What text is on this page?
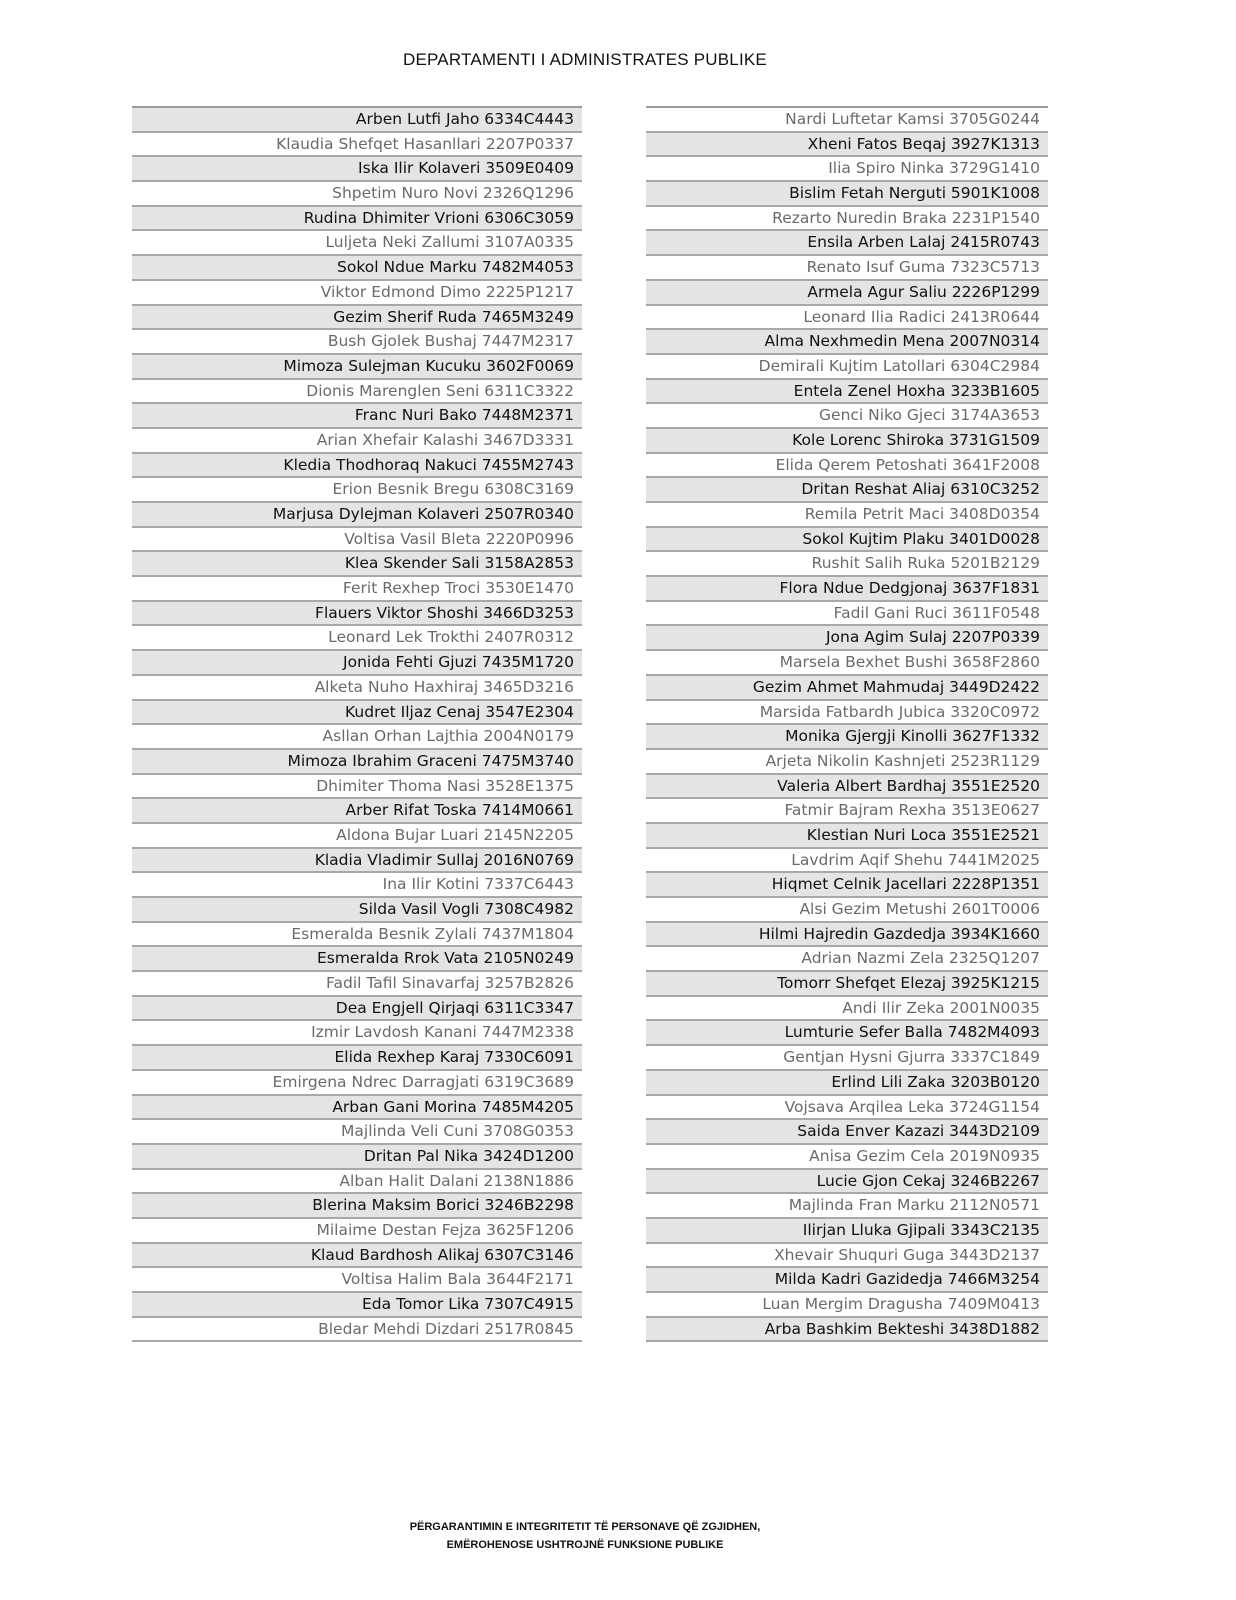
DEPARTAMENTI I ADMINISTRATES PUBLIKE
Arben Lutfi Jaho 6334C4443
Klaudia Shefqet Hasanllari 2207P0337
Iska Ilir Kolaveri 3509E0409
Shpetim Nuro Novi 2326Q1296
Rudina Dhimiter Vrioni 6306C3059
Luljeta Neki Zallumi 3107A0335
Sokol Ndue Marku 7482M4053
Viktor Edmond Dimo 2225P1217
Gezim Sherif Ruda 7465M3249
Bush Gjolek Bushaj 7447M2317
Mimoza Sulejman Kucuku 3602F0069
Dionis Marenglen Seni 6311C3322
Franc Nuri Bako 7448M2371
Arian Xhefair Kalashi 3467D3331
Kledia Thodhoraq Nakuci 7455M2743
Erion Besnik Bregu 6308C3169
Marjusa Dylejman Kolaveri 2507R0340
Voltisa Vasil Bleta 2220P0996
Klea Skender Sali 3158A2853
Ferit Rexhep Troci 3530E1470
Flauers Viktor Shoshi 3466D3253
Leonard Lek Trokthi 2407R0312
Jonida Fehti Gjuzi 7435M1720
Alketa Nuho Haxhiraj 3465D3216
Kudret Iljaz Cenaj 3547E2304
Asllan Orhan Lajthia 2004N0179
Mimoza Ibrahim Graceni 7475M3740
Dhimiter Thoma Nasi 3528E1375
Arber Rifat Toska 7414M0661
Aldona Bujar Luari 2145N2205
Kladia Vladimir Sullaj 2016N0769
Ina Ilir Kotini 7337C6443
Silda Vasil Vogli 7308C4982
Esmeralda Besnik Zylali 7437M1804
Esmeralda Rrok Vata 2105N0249
Fadil Tafil Sinavarfaj 3257B2826
Dea Engjell Qirjaqi 6311C3347
Izmir Lavdosh Kanani 7447M2338
Elida Rexhep Karaj 7330C6091
Emirgena Ndrec Darragjati 6319C3689
Arban Gani Morina 7485M4205
Majlinda Veli Cuni 3708G0353
Dritan Pal Nika 3424D1200
Alban Halit Dalani 2138N1886
Blerina Maksim Borici 3246B2298
Milaime Destan Fejza 3625F1206
Klaud Bardhosh Alikaj 6307C3146
Voltisa Halim Bala 3644F2171
Eda Tomor Lika 7307C4915
Bledar Mehdi Dizdari 2517R0845
Nardi Luftetar Kamsi 3705G0244
Xheni Fatos Beqaj 3927K1313
Ilia Spiro Ninka 3729G1410
Bislim Fetah Nerguti 5901K1008
Rezarto Nuredin Braka 2231P1540
Ensila Arben Lalaj 2415R0743
Renato Isuf Guma 7323C5713
Armela Agur Saliu 2226P1299
Leonard Ilia Radici 2413R0644
Alma Nexhmedin Mena 2007N0314
Demirali Kujtim Latollari 6304C2984
Entela Zenel Hoxha 3233B1605
Genci Niko Gjeci 3174A3653
Kole Lorenc Shiroka 3731G1509
Elida Qerem Petoshati 3641F2008
Dritan Reshat Aliaj 6310C3252
Remila Petrit Maci 3408D0354
Sokol Kujtim Plaku 3401D0028
Rushit Salih Ruka 5201B2129
Flora Ndue Dedgjonaj 3637F1831
Fadil Gani Ruci 3611F0548
Jona Agim Sulaj 2207P0339
Marsela Bexhet Bushi 3658F2860
Gezim Ahmet Mahmudaj 3449D2422
Marsida Fatbardh Jubica 3320C0972
Monika Gjergji Kinolli 3627F1332
Arjeta Nikolin Kashnjeti 2523R1129
Valeria Albert Bardhaj 3551E2520
Fatmir Bajram Rexha 3513E0627
Klestian Nuri Loca 3551E2521
Lavdrim Aqif Shehu 7441M2025
Hiqmet Celnik Jacellari 2228P1351
Alsi Gezim Metushi 2601T0006
Hilmi Hajredin Gazdedja 3934K1660
Adrian Nazmi Zela 2325Q1207
Tomorr Shefqet Elezaj 3925K1215
Andi Ilir Zeka 2001N0035
Lumturie Sefer Balla 7482M4093
Gentjan Hysni Gjurra 3337C1849
Erlind Lili Zaka 3203B0120
Vojsava Arqilea Leka 3724G1154
Saida Enver Kazazi 3443D2109
Anisa Gezim Cela 2019N0935
Lucie Gjon Cekaj 3246B2267
Majlinda Fran Marku 2112N0571
Ilirjan Lluka Gjipali 3343C2135
Xhevair Shuquri Guga 3443D2137
Milda Kadri Gazidedja 7466M3254
Luan Mergim Dragusha 7409M0413
Arba Bashkim Bekteshi 3438D1882
PËRGARANTIMIN E INTEGRITETIT TË PERSONAVE QË ZGJIDHEN,
EMËROHENOSE USHTROJNË FUNKSIONE PUBLIKE
